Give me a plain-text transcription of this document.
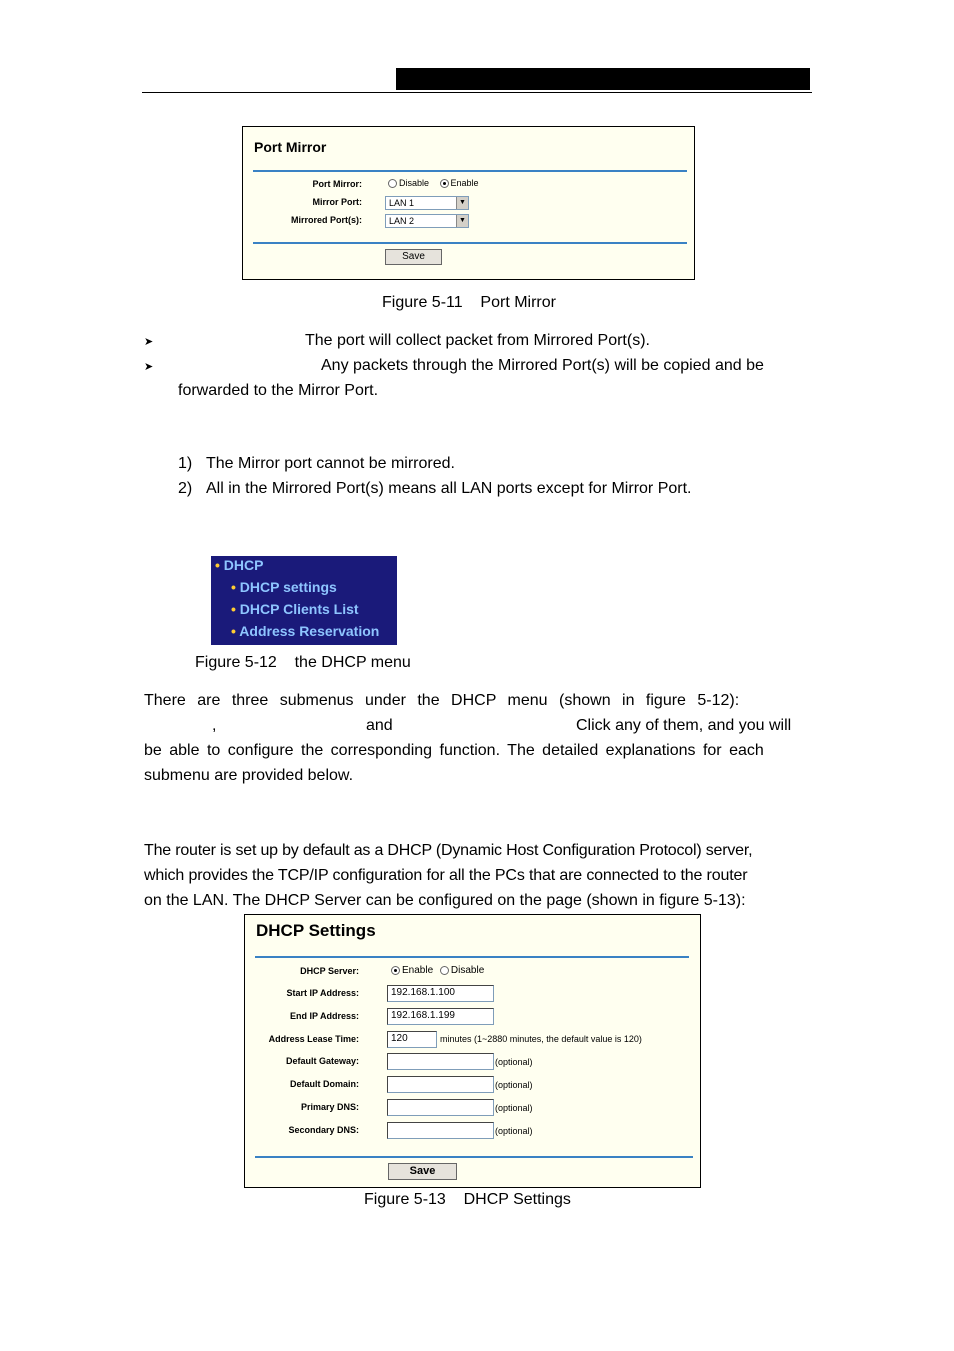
Port Mirror
Port Mirror:	Disable Enable
Mirror Port:	LAN 1	▼
Mirrored Port(s):	LAN 2	▼
Save
Figure 5-11    Port Mirror
➤	The port will collect packet from Mirrored Port(s).
➤	Any packets through the Mirrored Port(s) will be copied and be
forwarded to the Mirror Port.
1) The Mirror port cannot be mirrored.
2) All in the Mirrored Port(s) means all LAN ports except for Mirror Port.
• DHCP
• DHCP settings
• DHCP Clients List
• Address Reservation
Figure 5-12    the DHCP menu
There are three submenus under the DHCP menu (shown in figure 5-12):
,	and	Click any of them, and you will
be able to configure the corresponding function. The detailed explanations for each
submenu are provided below.
The router is set up by default as a DHCP (Dynamic Host Configuration Protocol) server,
which provides the TCP/IP configuration for all the PCs that are connected to the router
on the LAN. The DHCP Server can be configured on the page (shown in figure 5-13):
DHCP Settings
DHCP Server:	Enable Disable
Start IP Address:	192.168.1.100
End IP Address:	192.168.1.199
Address Lease Time:	120	minutes (1~2880 minutes, the default value is 120)
Default Gateway:	(optional)
Default Domain:	(optional)
Primary DNS:	(optional)
Secondary DNS:	(optional)
Save
Figure 5-13    DHCP Settings
